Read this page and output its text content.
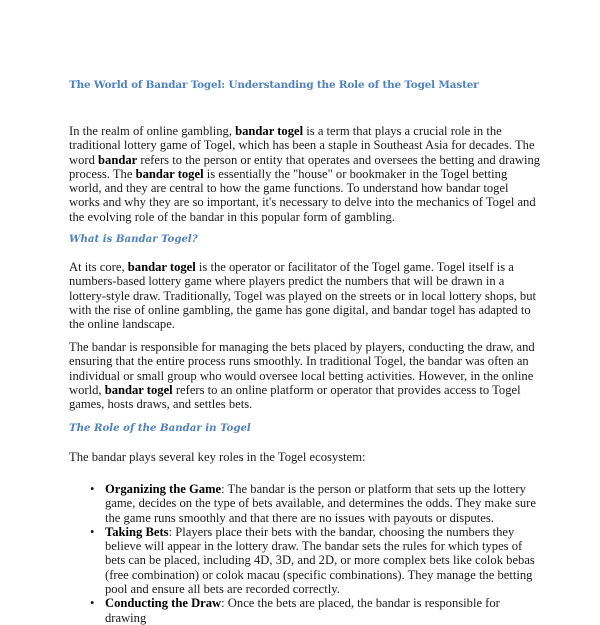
The World of Bandar Togel: Understanding the Role of the Togel Master

In the realm of online gambling, bandar togel is a term that plays a crucial role in the traditional lottery game of Togel, which has been a staple in Southeast Asia for decades. The word bandar refers to the person or entity that operates and oversees the betting and drawing process. The bandar togel is essentially the "house" or bookmaker in the Togel betting world, and they are central to how the game functions. To understand how bandar togel works and why they are so important, it's necessary to delve into the mechanics of Togel and the evolving role of the bandar in this popular form of gambling.

What is Bandar Togel?

At its core, bandar togel is the operator or facilitator of the Togel game. Togel itself is a numbers-based lottery game where players predict the numbers that will be drawn in a lottery-style draw. Traditionally, Togel was played on the streets or in local lottery shops, but with the rise of online gambling, the game has gone digital, and bandar togel has adapted to the online landscape.

The bandar is responsible for managing the bets placed by players, conducting the draw, and ensuring that the entire process runs smoothly. In traditional Togel, the bandar was often an individual or small group who would oversee local betting activities. However, in the online world, bandar togel refers to an online platform or operator that provides access to Togel games, hosts draws, and settles bets.

The Role of the Bandar in Togel

The bandar plays several key roles in the Togel ecosystem:

• Organizing the Game: The bandar is the person or platform that sets up the lottery game, decides on the type of bets available, and determines the odds. They make sure the game runs smoothly and that there are no issues with payouts or disputes.
• Taking Bets: Players place their bets with the bandar, choosing the numbers they believe will appear in the lottery draw. The bandar sets the rules for which types of bets can be placed, including 4D, 3D, and 2D, or more complex bets like colok bebas (free combination) or colok macau (specific combinations). They manage the betting pool and ensure all bets are recorded correctly.
• Conducting the Draw: Once the bets are placed, the bandar is responsible for drawing
